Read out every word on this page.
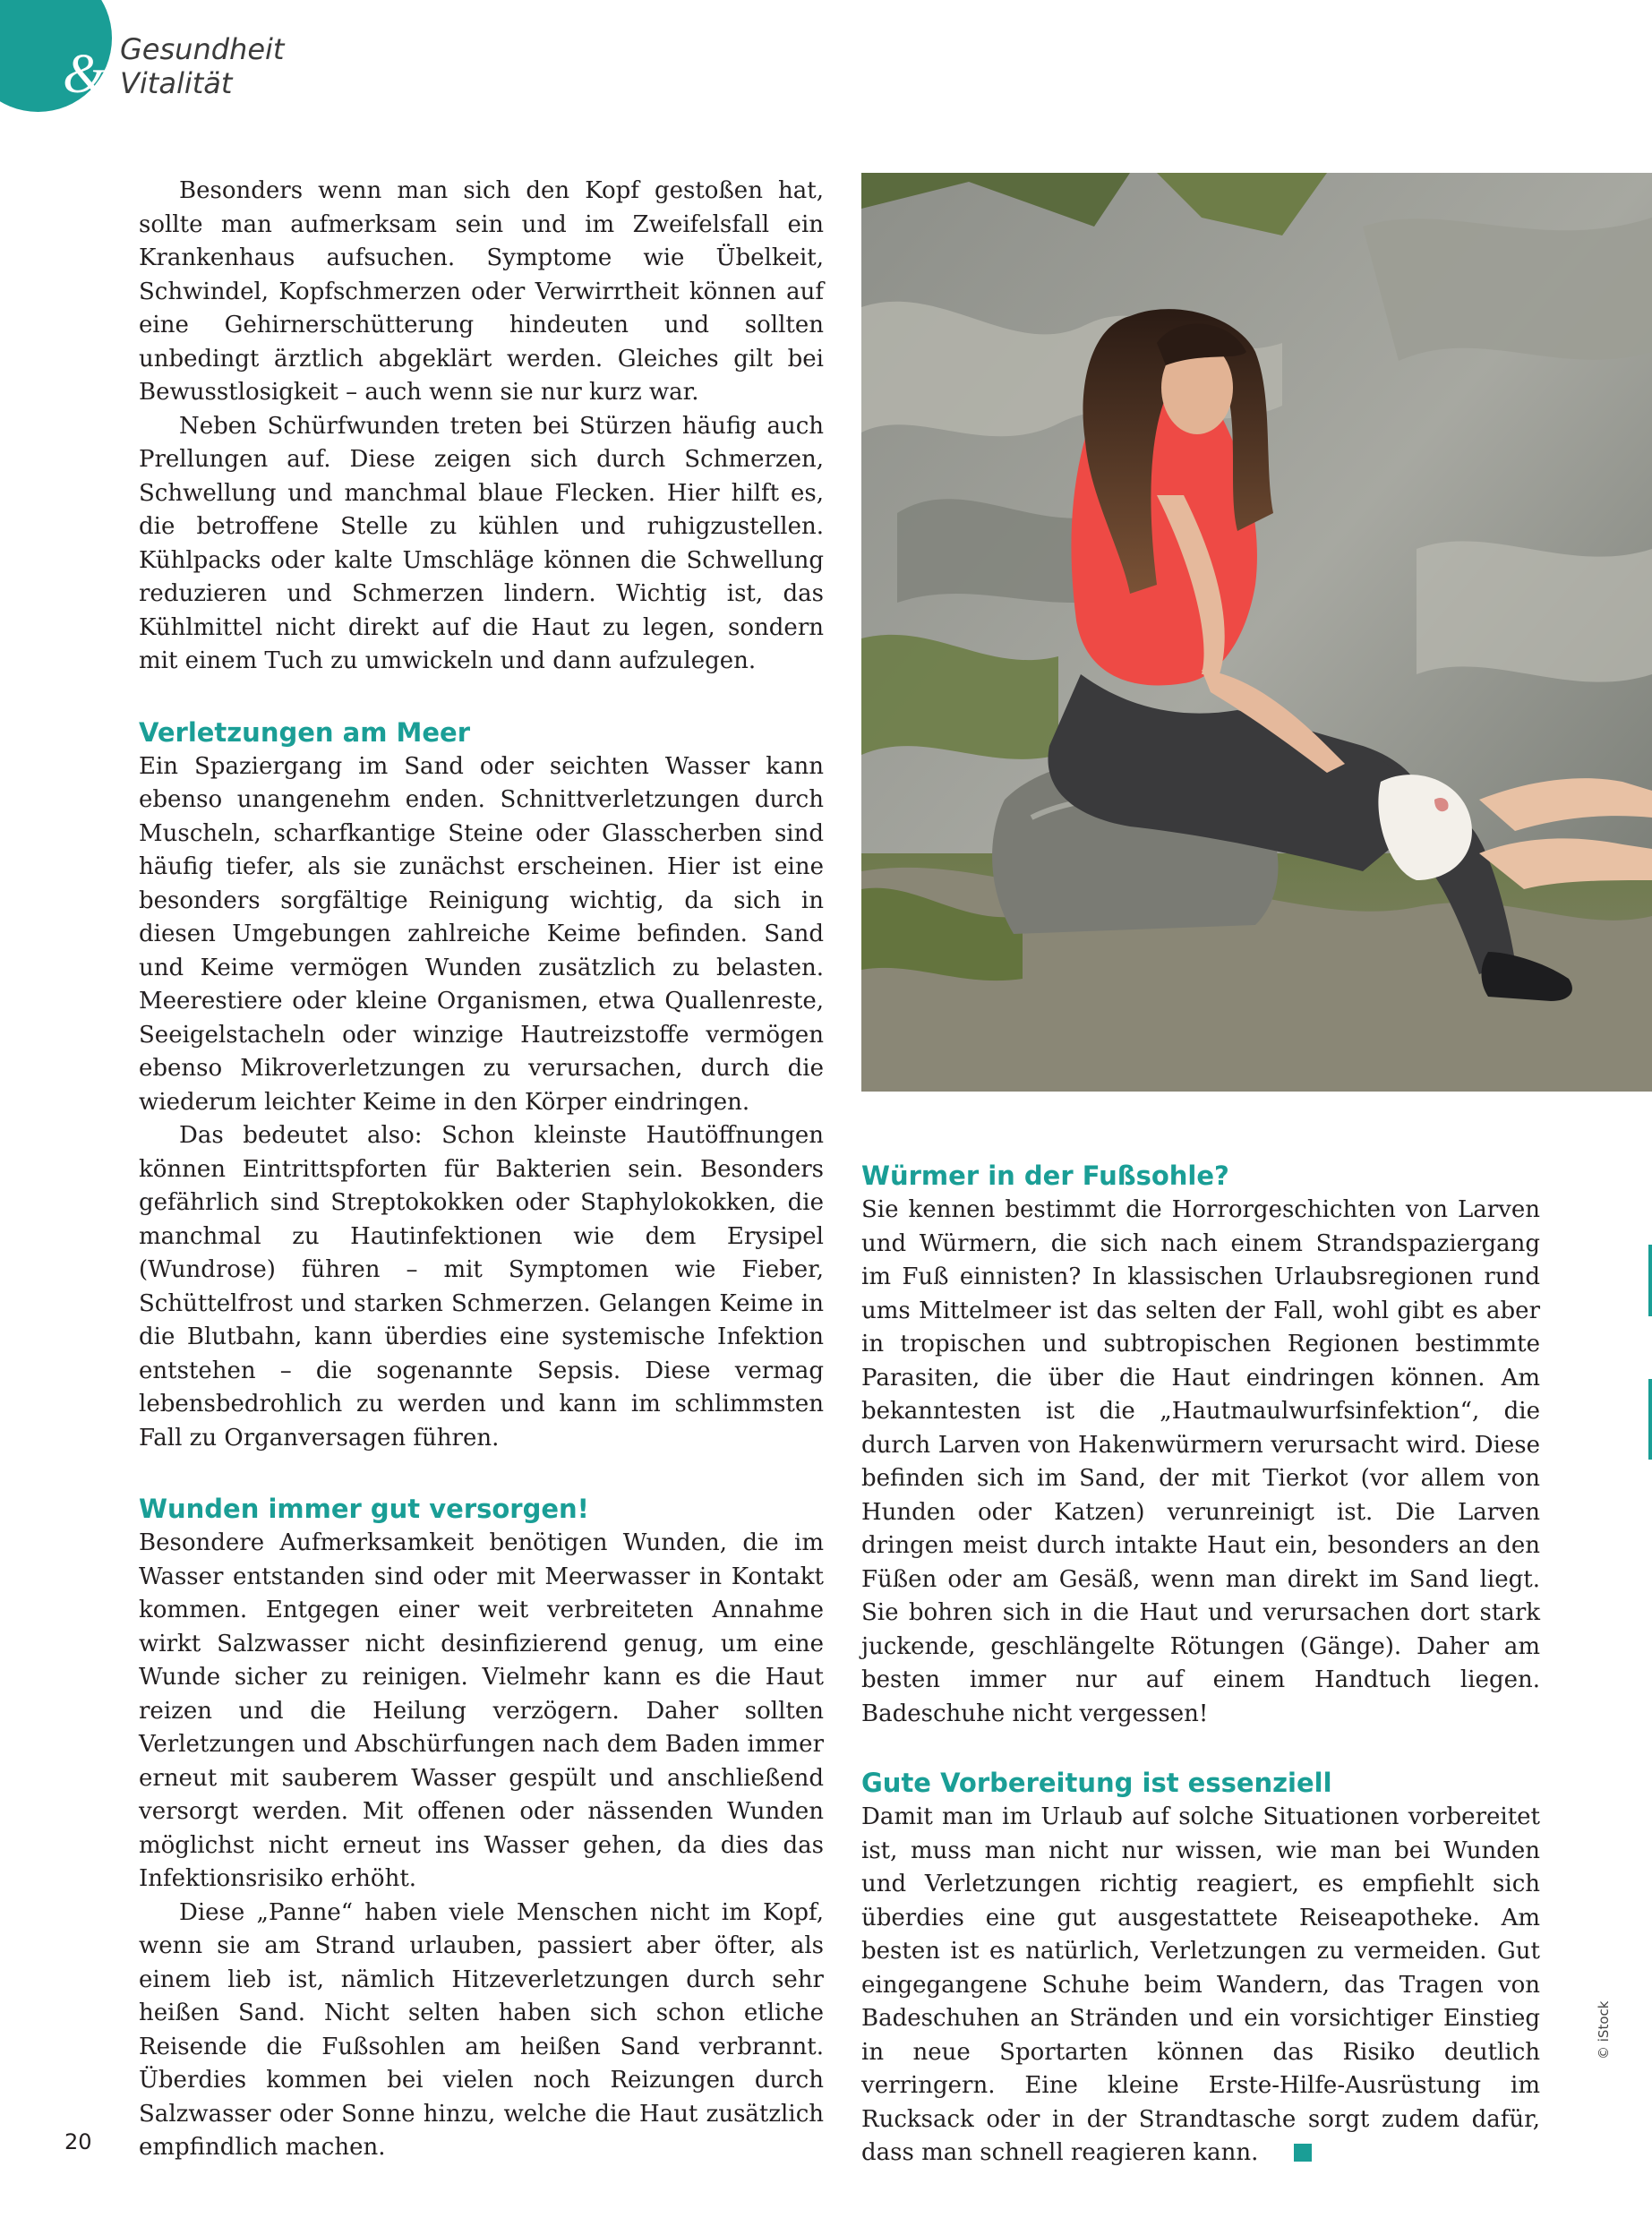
& Gesundheit
Vitalität

Besonders wenn man sich den Kopf gestoßen hat, sollte man aufmerksam sein und im Zweifelsfall ein Krankenhaus aufsuchen. Symptome wie Übelkeit, Schwindel, Kopfschmerzen oder Verwirrtheit können auf eine Gehirnerschütterung hindeuten und sollten unbedingt ärztlich abgeklärt werden. Gleiches gilt bei Bewusstlosigkeit – auch wenn sie nur kurz war.

Neben Schürfwunden treten bei Stürzen häufig auch Prellungen auf. Diese zeigen sich durch Schmerzen, Schwellung und manchmal blaue Flecken. Hier hilft es, die betroffene Stelle zu kühlen und ruhigzustellen. Kühlpacks oder kalte Umschläge können die Schwellung reduzieren und Schmerzen lindern. Wichtig ist, das Kühlmittel nicht direkt auf die Haut zu legen, sondern mit einem Tuch zu umwickeln und dann aufzulegen.

Verletzungen am Meer

Ein Spaziergang im Sand oder seichten Wasser kann ebenso unangenehm enden. Schnittverletzungen durch Muscheln, scharfkantige Steine oder Glasscherben sind häufig tiefer, als sie zunächst erscheinen. Hier ist eine besonders sorgfältige Reinigung wichtig, da sich in diesen Umgebungen zahlreiche Keime befinden. Sand und Keime vermögen Wunden zusätzlich zu belasten. Meerestiere oder kleine Organismen, etwa Quallenreste, Seeigelstacheln oder winzige Hautreizstoffe vermögen ebenso Mikroverletzungen zu verursachen, durch die wiederum leichter Keime in den Körper eindringen.

Das bedeutet also: Schon kleinste Hautöffnungen können Eintrittspforten für Bakterien sein. Besonders gefährlich sind Streptokokken oder Staphylokokken, die manchmal zu Hautinfektionen wie dem Erysipel (Wundrose) führen – mit Symptomen wie Fieber, Schüttelfrost und starken Schmerzen. Gelangen Keime in die Blutbahn, kann überdies eine systemische Infektion entstehen – die sogenannte Sepsis. Diese vermag lebensbedrohlich zu werden und kann im schlimmsten Fall zu Organversagen führen.

Wunden immer gut versorgen!

Besondere Aufmerksamkeit benötigen Wunden, die im Wasser entstanden sind oder mit Meerwasser in Kontakt kommen. Entgegen einer weit verbreiteten Annahme wirkt Salzwasser nicht desinfizierend genug, um eine Wunde sicher zu reinigen. Vielmehr kann es die Haut reizen und die Heilung verzögern. Daher sollten Verletzungen und Abschürfungen nach dem Baden immer erneut mit sauberem Wasser gespült und anschließend versorgt werden. Mit offenen oder nässenden Wunden möglichst nicht erneut ins Wasser gehen, da dies das Infektionsrisiko erhöht.

Diese „Panne“ haben viele Menschen nicht im Kopf, wenn sie am Strand urlauben, passiert aber öfter, als einem lieb ist, nämlich Hitzeverletzungen durch sehr heißen Sand. Nicht selten haben sich schon etliche Reisende die Fußsohlen am heißen Sand verbrannt. Überdies kommen bei vielen noch Reizungen durch Salzwasser oder Sonne hinzu, welche die Haut zusätzlich empfindlich machen.

Würmer in der Fußsohle?

Sie kennen bestimmt die Horrorgeschichten von Larven und Würmern, die sich nach einem Strandspaziergang im Fuß einnisten? In klassischen Urlaubsregionen rund ums Mittelmeer ist das selten der Fall, wohl gibt es aber in tropischen und subtropischen Regionen bestimmte Parasiten, die über die Haut eindringen können. Am bekanntesten ist die „Hautmaulwurfsinfektion“, die durch Larven von Hakenwürmern verursacht wird. Diese befinden sich im Sand, der mit Tierkot (vor allem von Hunden oder Katzen) verunreinigt ist. Die Larven dringen meist durch intakte Haut ein, besonders an den Füßen oder am Gesäß, wenn man direkt im Sand liegt. Sie bohren sich in die Haut und verursachen dort stark juckende, geschlängelte Rötungen (Gänge). Daher am besten immer nur auf einem Handtuch liegen. Badeschuhe nicht vergessen!

Gute Vorbereitung ist essenziell

Damit man im Urlaub auf solche Situationen vorbereitet ist, muss man nicht nur wissen, wie man bei Wunden und Verletzungen richtig reagiert, es empfiehlt sich überdies eine gut ausgestattete Reiseapotheke. Am besten ist es natürlich, Verletzungen zu vermeiden. Gut eingegangene Schuhe beim Wandern, das Tragen von Badeschuhen an Stränden und ein vorsichtiger Einstieg in neue Sportarten können das Risiko deutlich verringern. Eine kleine Erste-Hilfe-Ausrüstung im Rucksack oder in der Strandtasche sorgt zudem dafür, dass man schnell reagieren kann.

© iStock
20
